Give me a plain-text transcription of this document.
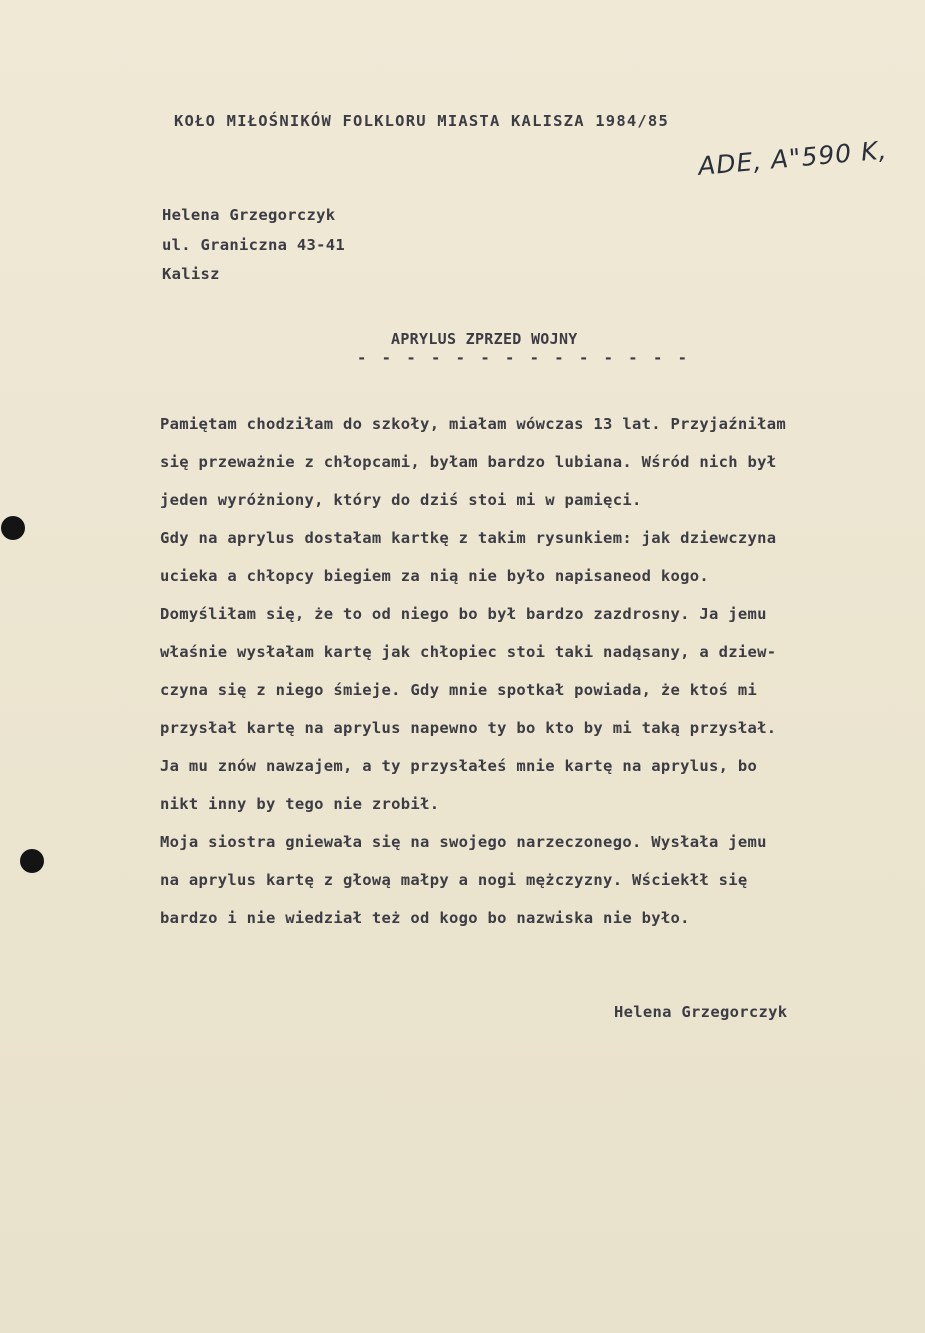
KOŁO MIŁOŚNIKÓW FOLKLORU MIASTA KALISZA 1984/85
ADE, A"590 K,
Helena Grzegorczyk
ul. Graniczna 43-41
Kalisz
APRYLUS ZPRZED WOJNY
- - - - - - - - - - - - - -
Pamiętam chodziłam do szkoły, miałam wówczas 13 lat. Przyjaźniłam
się przeważnie z chłopcami, byłam bardzo lubiana. Wśród nich był
jeden wyróżniony, który do dziś stoi mi w pamięci.
Gdy na aprylus dostałam kartkę z takim rysunkiem: jak dziewczyna
ucieka a chłopcy biegiem za nią nie było napisaneod kogo.
Domyśliłam się, że to od niego bo był bardzo zazdrosny. Ja jemu
właśnie wysłałam kartę jak chłopiec stoi taki nadąsany, a dziew-
czyna się z niego śmieje. Gdy mnie spotkał powiada, że ktoś mi
przysłał kartę na aprylus napewno ty bo kto by mi taką przysłał.
Ja mu znów nawzajem, a ty przysłałeś mnie kartę na aprylus, bo
nikt inny by tego nie zrobił.
Moja siostra gniewała się na swojego narzeczonego. Wysłała jemu
na aprylus kartę z głową małpy a nogi mężczyzny. Wściekłł się
bardzo i nie wiedział też od kogo bo nazwiska nie było.
Helena Grzegorczyk
